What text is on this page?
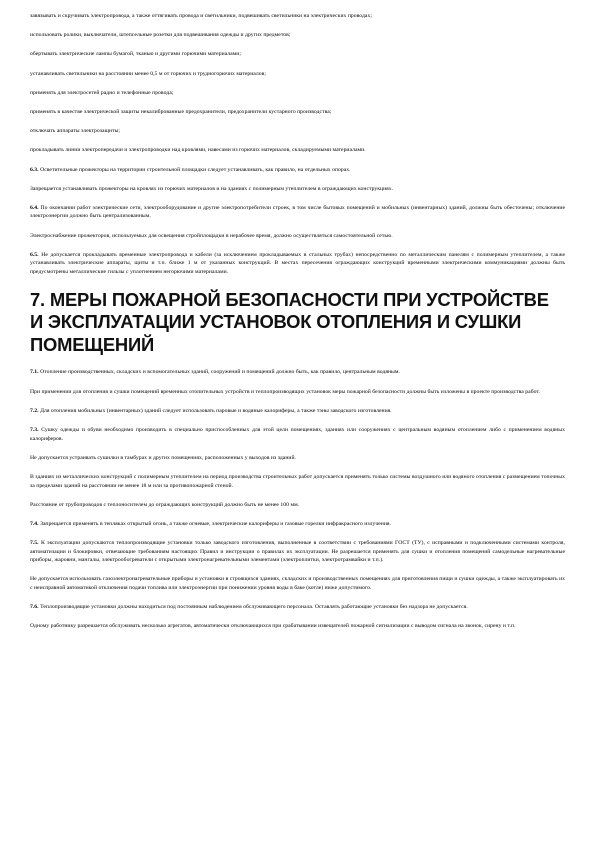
завязывать и скручивать электропровода, а также оттягивать провода и светильники, подвешивать светильники на электрических проводах;

использовать ролики, выключатели, штепсельные розетки для подвешивания одежды и других предметов;

обертывать электрические лампы бумагой, тканью и другими горючими материалами;

устанавливать светильники на расстоянии менее 0,5 м от горючих и трудногорючих материалов;

применять для электросетей радио и телефонные провода;

применять в качестве электрической защиты некалиброванные предохранители, предохранители кустарного производства;

отключать аппараты электрозащиты;

прокладывать линии электропередачи и электропроводки над кровлями, навесами из горючих материалов, складируемыми материалами.

6.3. Осветительные прожекторы на территории строительной площадки следует устанавливать, как правило, на отдельных опорах.

Запрещается устанавливать прожекторы на кровлях из горючих материалов и на зданиях с полимерным утеплителем в ограждающих конструкциях.

6.4. По окончании работ электрические сети, электрооборудование и другие электропотребители строек, в том числе бытовых помещений и мобильных (инвентарных) зданий, должны быть обесточены; отключение электроэнергии должно быть централизованным.

Электроснабжение прожекторов, используемых для освещения стройплощадки в нерабочее время, должно осуществляться самостоятельной сетью.

6.5. Не допускается прокладывать временные электропровода и кабели (за исключением прокладываемых в стальных трубах) непосредственно по металлическим панелям с полимерным утеплителем, а также устанавливать электрические аппараты, щиты и т.п. ближе 1 м от указанных конструкций. В местах пересечения ограждающих конструкций временными электрическими коммуникациями должны быть предусмотрены металлические гильзы с уплотнением негорючими материалами.

7. МЕРЫ ПОЖАРНОЙ БЕЗОПАСНОСТИ ПРИ УСТРОЙСТВЕ И ЭКСПЛУАТАЦИИ УСТАНОВОК ОТОПЛЕНИЯ И СУШКИ ПОМЕЩЕНИЙ

7.1. Отопление производственных, складских и вспомогательных зданий, сооружений и помещений должно быть, как правило, центральным водяным.

При применении для отопления и сушки помещений временных отопительных устройств и теплопроизводящих установок меры пожарной безопасности должны быть изложены в проекте производства работ.

7.2. Для отопления мобильных (инвентарных) зданий следует использовать паровые и водяные калориферы, а также тэны заводского изготовления.

7.3. Сушку одежды и обуви необходимо производить в специально приспособленных для этой цели помещениях, зданиях или сооружениях с центральным водяным отоплением либо с применением водяных калориферов.

Не допускается устраивать сушилки в тамбурах и других помещениях, расположенных у выходов из зданий.

В зданиях из металлических конструкций с полимерным утеплителем на период производства строительных работ допускается применять только системы воздушного или водяного отопления с размещением топочных за пределами зданий на расстоянии не менее 18 м или за противопожарной стеной.

Расстояние от трубопроводов с теплоносителем до ограждающих конструкций должно быть не менее 100 мм.

7.4. Запрещается применять в тепляках открытый огонь, а также огневые, электрические калориферы и газовые горелки инфракрасного излучения.

7.5. К эксплуатации допускаются теплопроизводящие установки только заводского изготовления, выполненные в соответствии с требованиями ГОСТ (ТУ), с исправными и подключенными системами контроля, автоматизации и блокировки, отвечающие требованиям настоящих Правил и инструкции о правилах их эксплуатации. Не разрешается применять для сушки и отопления помещений самодельные нагревательные приборы, жаровни, мангалы, электрообогреватели с открытыми электронагревательными элементами (электроплитки, электротрамвайки и т.п.).

Не допускается использовать газоэлектронагревательные приборы и установки в строящихся зданиях, складских и производственных помещениях для приготовления пищи и сушки одежды, а также эксплуатировать их с неисправной автоматикой отключения подачи топлива или электроэнергии при понижении уровня воды в баке (котле) ниже допустимого.

7.6. Теплопроизводящие установки должны находиться под постоянным наблюдением обслуживающего персонала. Оставлять работающие установки без надзора не допускается.

Одному работнику разрешается обслуживать несколько агрегатов, автоматически отключающихся при срабатывании извещателей пожарной сигнализации с выводом сигнала на звонок, сирену и т.п.
